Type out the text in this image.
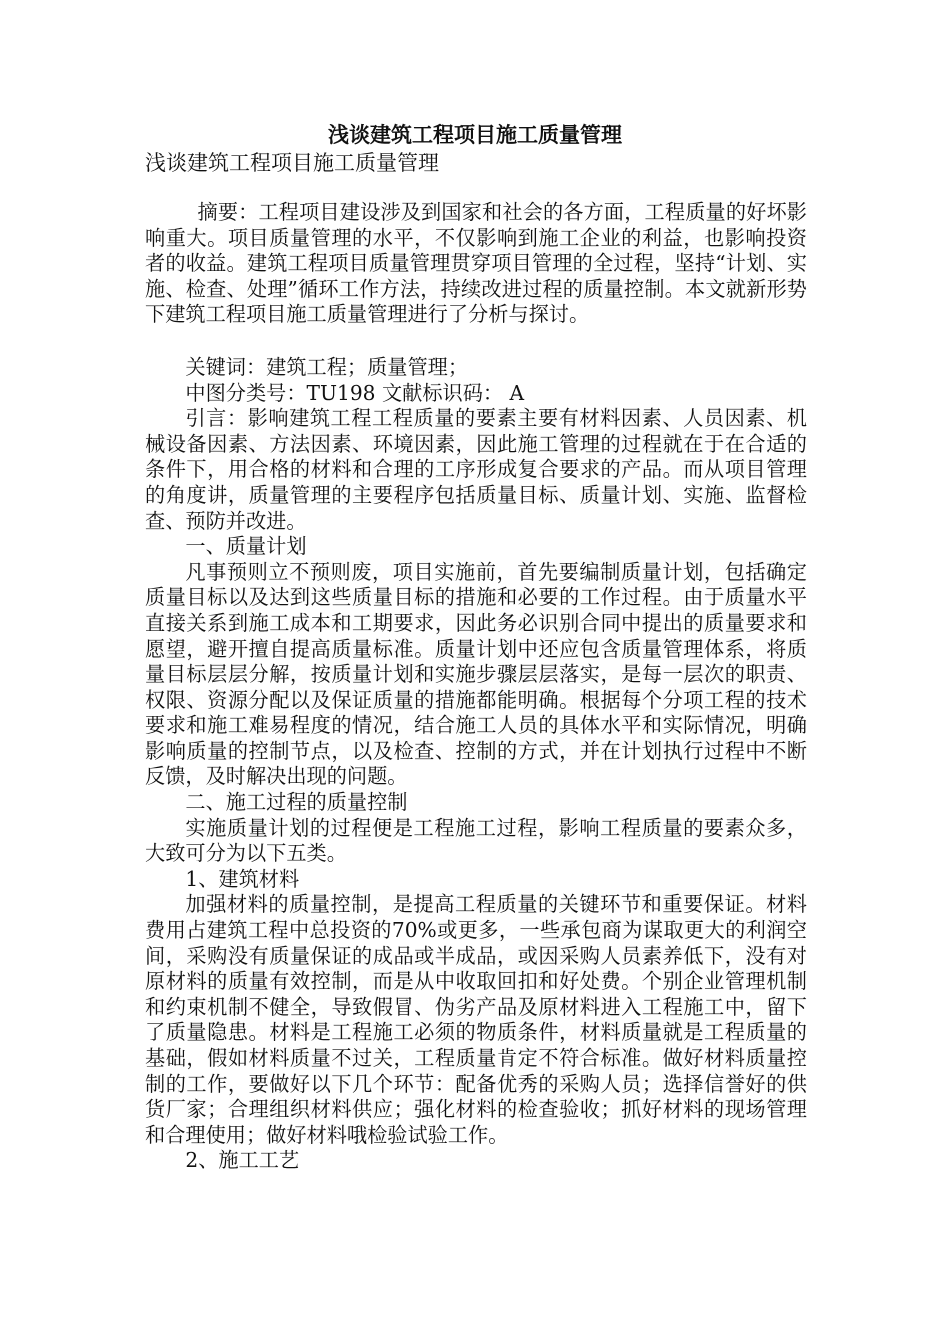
浅谈建筑工程项目施工质量管理
浅谈建筑工程项目施工质量管理

摘要：工程项目建设涉及到国家和社会的各方面，工程质量的好坏影响重大。项目质量管理的水平，不仅影响到施工企业的利益，也影响投资者的收益。建筑工程项目质量管理贯穿项目管理的全过程，坚持“计划、实施、检查、处理”循环工作方法，持续改进过程的质量控制。本文就新形势下建筑工程项目施工质量管理进行了分析与探讨。

关键词：建筑工程；质量管理；

中图分类号：TU198 文献标识码： A

引言：影响建筑工程工程质量的要素主要有材料因素、人员因素、机械设备因素、方法因素、环境因素，因此施工管理的过程就在于在合适的条件下，用合格的材料和合理的工序形成复合要求的产品。而从项目管理的角度讲，质量管理的主要程序包括质量目标、质量计划、实施、监督检查、预防并改进。

一、质量计划

凡事预则立不预则废，项目实施前，首先要编制质量计划，包括确定质量目标以及达到这些质量目标的措施和必要的工作过程。由于质量水平直接关系到施工成本和工期要求，因此务必识别合同中提出的质量要求和愿望，避开擅自提高质量标准。质量计划中还应包含质量管理体系，将质量目标层层分解，按质量计划和实施步骤层层落实，是每一层次的职责、权限、资源分配以及保证质量的措施都能明确。根据每个分项工程的技术要求和施工难易程度的情况，结合施工人员的具体水平和实际情况，明确影响质量的控制节点，以及检查、控制的方式，并在计划执行过程中不断反馈，及时解决出现的问题。

二、施工过程的质量控制

实施质量计划的过程便是工程施工过程，影响工程质量的要素众多，大致可分为以下五类。

1、建筑材料

加强材料的质量控制，是提高工程质量的关键环节和重要保证。材料费用占建筑工程中总投资的70%或更多，一些承包商为谋取更大的利润空间，采购没有质量保证的成品或半成品，或因采购人员素养低下，没有对原材料的质量有效控制，而是从中收取回扣和好处费。个别企业管理机制和约束机制不健全，导致假冒、伪劣产品及原材料进入工程施工中，留下了质量隐患。材料是工程施工必须的物质条件，材料质量就是工程质量的基础，假如材料质量不过关，工程质量肯定不符合标准。做好材料质量控制的工作，要做好以下几个环节：配备优秀的采购人员；选择信誉好的供货厂家；合理组织材料供应；强化材料的检查验收；抓好材料的现场管理和合理使用；做好材料哦检验试验工作。

2、施工工艺
